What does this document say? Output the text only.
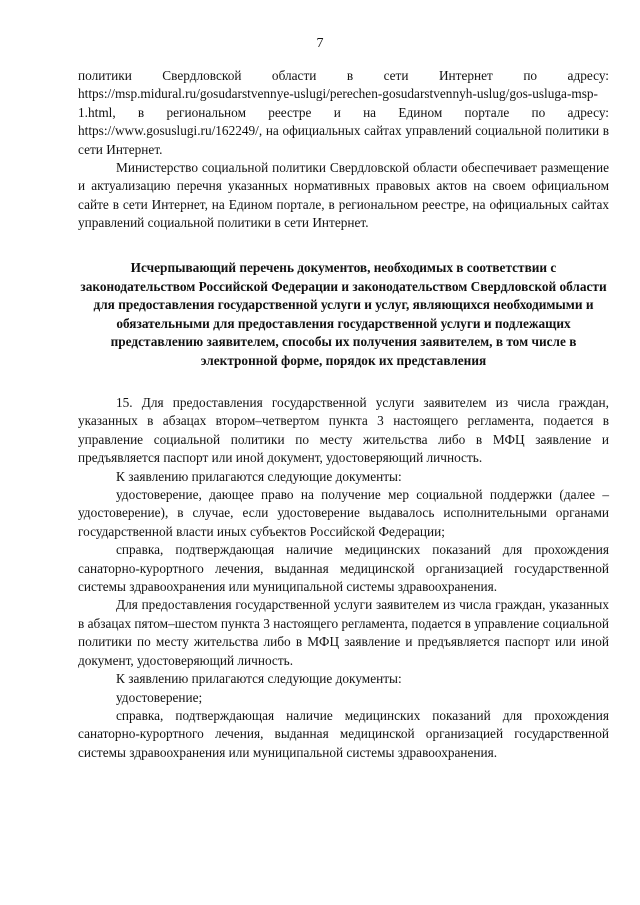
7

политики Свердловской области в сети Интернет по адресу: https://msp.midural.ru/gosudarstvennye-uslugi/perechen-gosudarstvennyh-uslug/gos-usluga-msp-1.html, в региональном реестре и на Едином портале по адресу: https://www.gosuslugi.ru/162249/, на официальных сайтах управлений социальной политики в сети Интернет.

Министерство социальной политики Свердловской области обеспечивает размещение и актуализацию перечня указанных нормативных правовых актов на своем официальном сайте в сети Интернет, на Едином портале, в региональном реестре, на официальных сайтах управлений социальной политики в сети Интернет.

Исчерпывающий перечень документов, необходимых в соответствии с законодательством Российской Федерации и законодательством Свердловской области для предоставления государственной услуги и услуг, являющихся необходимыми и обязательными для предоставления государственной услуги и подлежащих представлению заявителем, способы их получения заявителем, в том числе в электронной форме, порядок их представления

15. Для предоставления государственной услуги заявителем из числа граждан, указанных в абзацах втором–четвертом пункта 3 настоящего регламента, подается в управление социальной политики по месту жительства либо в МФЦ заявление и предъявляется паспорт или иной документ, удостоверяющий личность.

К заявлению прилагаются следующие документы:

удостоверение, дающее право на получение мер социальной поддержки (далее – удостоверение), в случае, если удостоверение выдавалось исполнительными органами государственной власти иных субъектов Российской Федерации;

справка, подтверждающая наличие медицинских показаний для прохождения санаторно-курортного лечения, выданная медицинской организацией государственной системы здравоохранения или муниципальной системы здравоохранения.

Для предоставления государственной услуги заявителем из числа граждан, указанных в абзацах пятом–шестом пункта 3 настоящего регламента, подается в управление социальной политики по месту жительства либо в МФЦ заявление и предъявляется паспорт или иной документ, удостоверяющий личность.

К заявлению прилагаются следующие документы:

удостоверение;

справка, подтверждающая наличие медицинских показаний для прохождения санаторно-курортного лечения, выданная медицинской организацией государственной системы здравоохранения или муниципальной системы здравоохранения.
